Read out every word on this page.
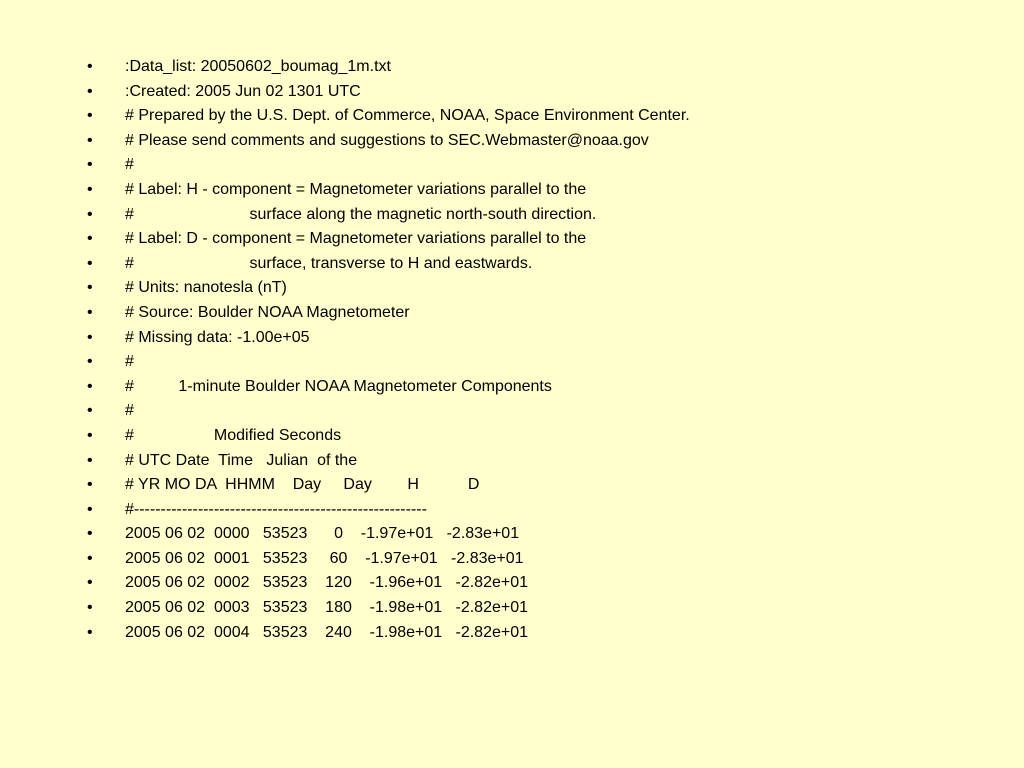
• :Data_list: 20050602_boumag_1m.txt
• :Created: 2005 Jun 02 1301 UTC
• # Prepared by the U.S. Dept. of Commerce, NOAA, Space Environment Center.
• # Please send comments and suggestions to SEC.Webmaster@noaa.gov
• #
• # Label: H - component = Magnetometer variations parallel to the
• #                          surface along the magnetic north-south direction.
• # Label: D - component = Magnetometer variations parallel to the
• #                          surface, transverse to H and eastwards.
• # Units: nanotesla (nT)
• # Source: Boulder NOAA Magnetometer
• # Missing data: -1.00e+05
• #
• #          1-minute Boulder NOAA Magnetometer Components
• #
• #                  Modified Seconds
• # UTC Date  Time   Julian  of the
• # YR MO DA  HHMM    Day     Day        H           D
• #-------------------------------------------------------
• 2005 06 02  0000   53523      0    -1.97e+01   -2.83e+01
• 2005 06 02  0001   53523     60    -1.97e+01   -2.83e+01
• 2005 06 02  0002   53523    120    -1.96e+01   -2.82e+01
• 2005 06 02  0003   53523    180    -1.98e+01   -2.82e+01
• 2005 06 02  0004   53523    240    -1.98e+01   -2.82e+01
